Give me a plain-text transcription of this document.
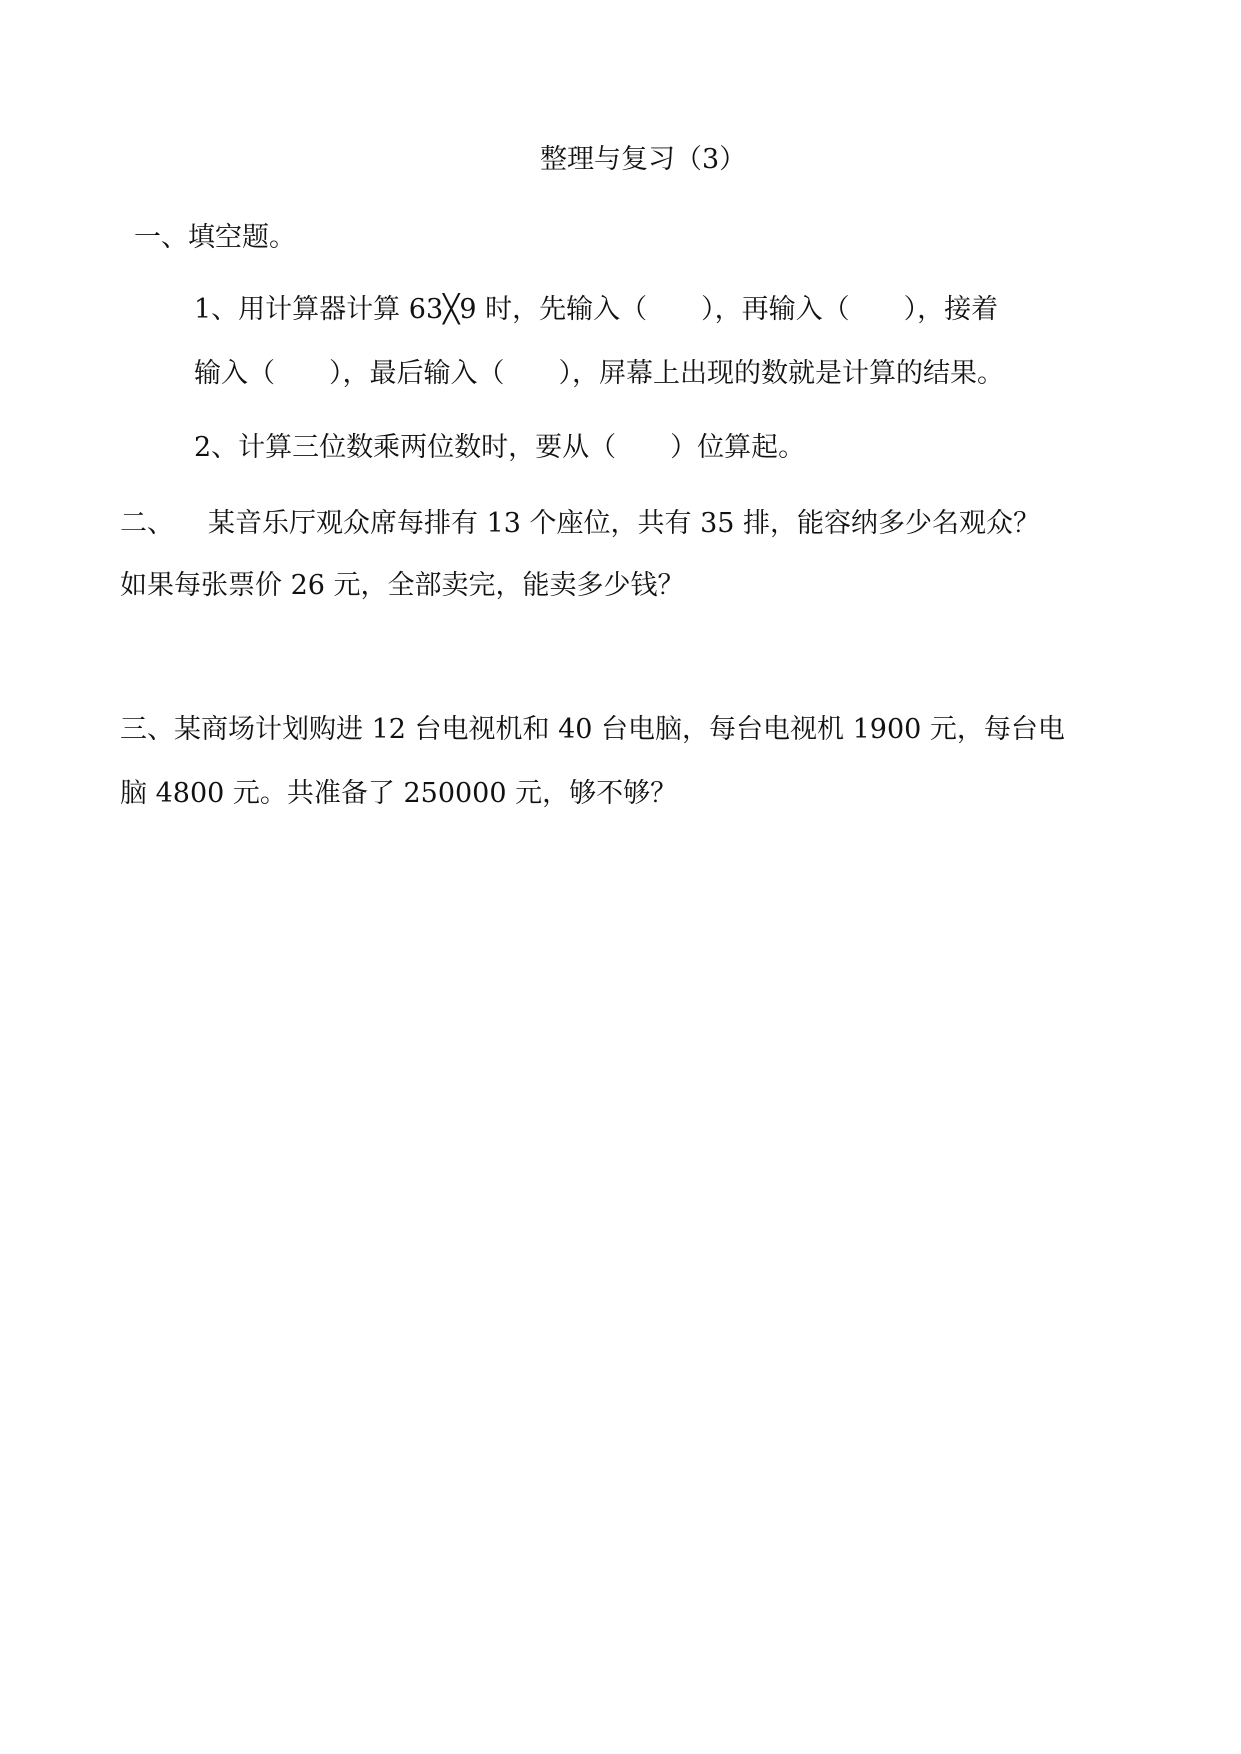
整理与复习（3）
一、填空题。
1、用计算器计算 63╳9 时，先输入（　　），再输入（　　），接着
输入（　　），最后输入（　　），屏幕上出现的数就是计算的结果。
2、计算三位数乘两位数时，要从（　　）位算起。
二、 某音乐厅观众席每排有 13 个座位，共有 35 排，能容纳多少名观众？
如果每张票价 26 元，全部卖完，能卖多少钱？
三、某商场计划购进 12 台电视机和 40 台电脑，每台电视机 1900 元，每台电
脑 4800 元。共准备了 250000 元，够不够？
